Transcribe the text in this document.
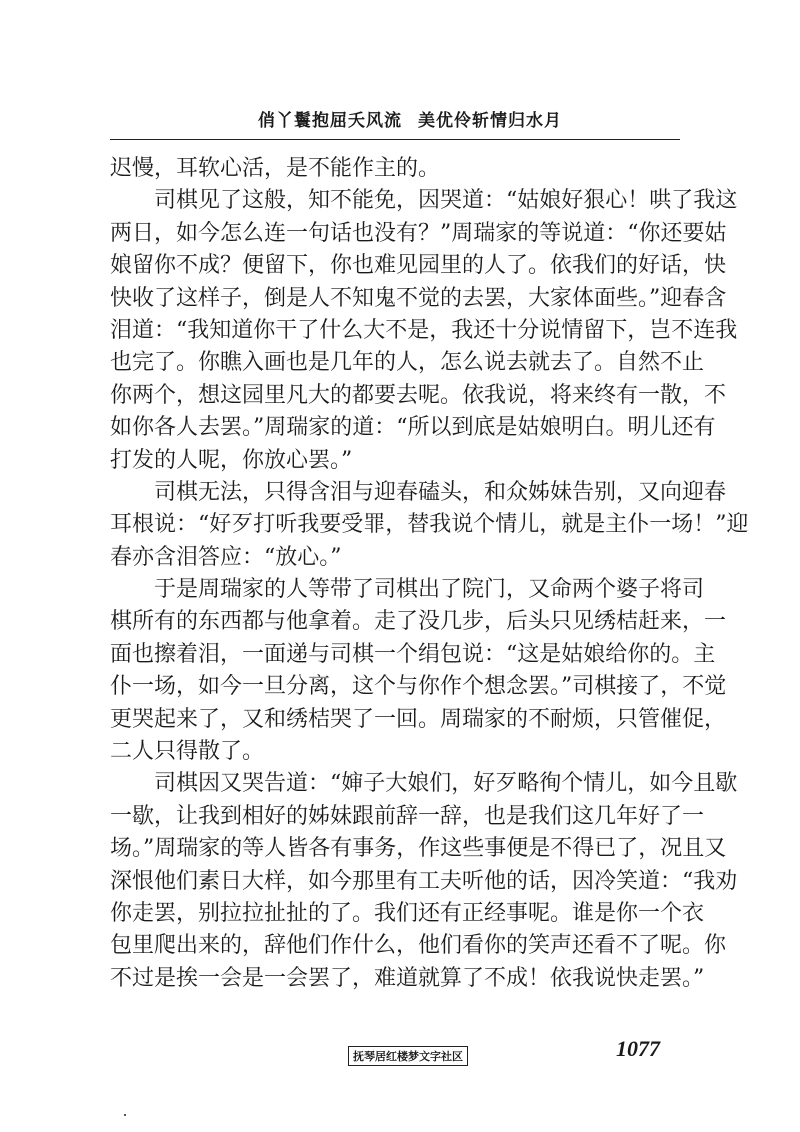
俏丫鬟抱屈夭风流 美优伶斩情归水月
迟慢，耳软心活，是不能作主的。
司棋见了这般，知不能免，因哭道：“姑娘好狠心！哄了我这
两日，如今怎么连一句话也没有？”周瑞家的等说道：“你还要姑
娘留你不成？便留下，你也难见园里的人了。依我们的好话，快
快收了这样子，倒是人不知鬼不觉的去罢，大家体面些。”迎春含
泪道：“我知道你干了什么大不是，我还十分说情留下，岂不连我
也完了。你瞧入画也是几年的人，怎么说去就去了。自然不止
你两个，想这园里凡大的都要去呢。依我说，将来终有一散，不
如你各人去罢。”周瑞家的道：“所以到底是姑娘明白。明儿还有
打发的人呢，你放心罢。”
司棋无法，只得含泪与迎春磕头，和众姊妹告别，又向迎春
耳根说：“好歹打听我要受罪，替我说个情儿，就是主仆一场！”迎
春亦含泪答应：“放心。”
于是周瑞家的人等带了司棋出了院门，又命两个婆子将司
棋所有的东西都与他拿着。走了没几步，后头只见绣桔赶来，一
面也擦着泪，一面递与司棋一个绢包说：“这是姑娘给你的。主
仆一场，如今一旦分离，这个与你作个想念罢。”司棋接了，不觉
更哭起来了，又和绣桔哭了一回。周瑞家的不耐烦，只管催促，
二人只得散了。
司棋因又哭告道：“婶子大娘们，好歹略徇个情儿，如今且歇
一歇，让我到相好的姊妹跟前辞一辞，也是我们这几年好了一
场。”周瑞家的等人皆各有事务，作这些事便是不得已了，况且又
深恨他们素日大样，如今那里有工夫听他的话，因冷笑道：“我劝
你走罢，别拉拉扯扯的了。我们还有正经事呢。谁是你一个衣
包里爬出来的，辞他们作什么，他们看你的笑声还看不了呢。你
不过是挨一会是一会罢了，难道就算了不成！依我说快走罢。”
抚琴居红楼梦文字社区	1077
